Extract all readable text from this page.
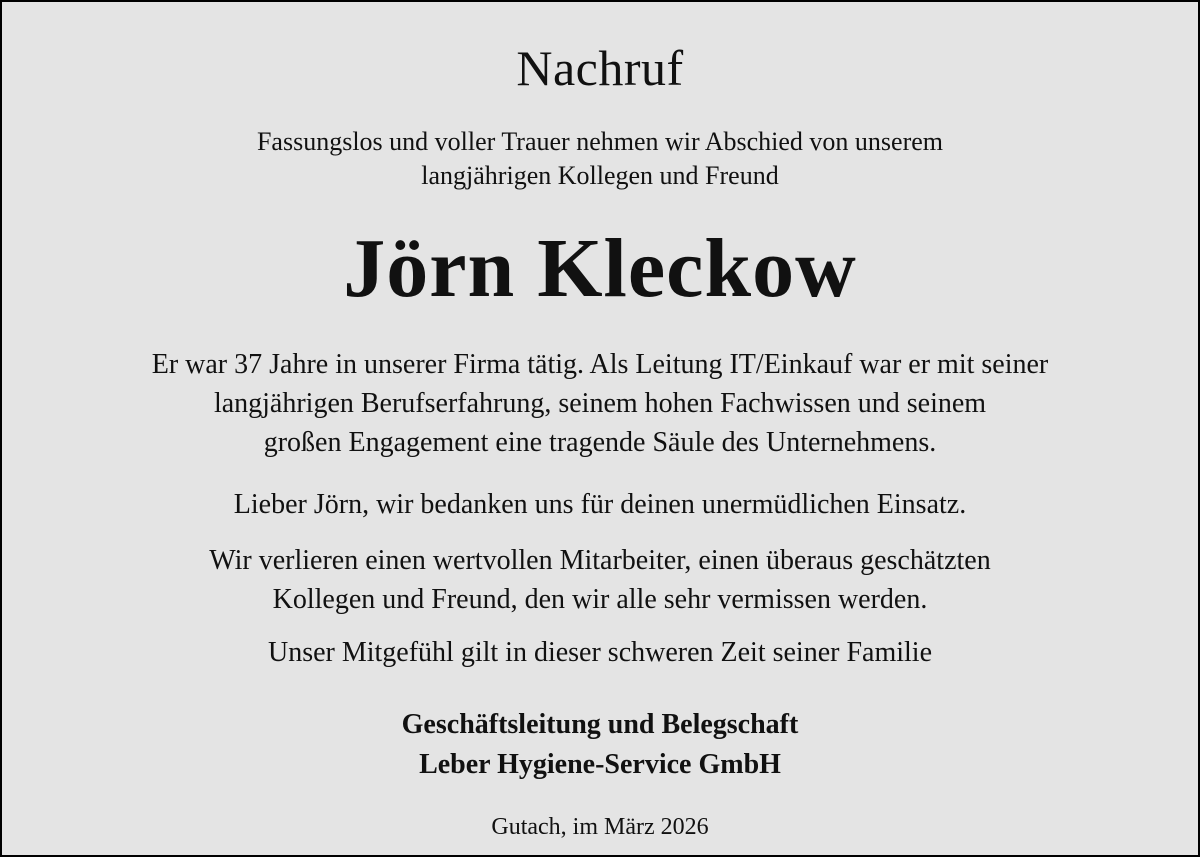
Nachruf
Fassungslos und voller Trauer nehmen wir Abschied von unserem
langjährigen Kollegen und Freund
Jörn Kleckow
Er war 37 Jahre in unserer Firma tätig. Als Leitung IT/Einkauf war er mit seiner
langjährigen Berufserfahrung, seinem hohen Fachwissen und seinem
großen Engagement eine tragende Säule des Unternehmens.
Lieber Jörn, wir bedanken uns für deinen unermüdlichen Einsatz.
Wir verlieren einen wertvollen Mitarbeiter, einen überaus geschätzten
Kollegen und Freund, den wir alle sehr vermissen werden.
Unser Mitgefühl gilt in dieser schweren Zeit seiner Familie
Geschäftsleitung und Belegschaft
Leber Hygiene-Service GmbH
Gutach, im März 2026
